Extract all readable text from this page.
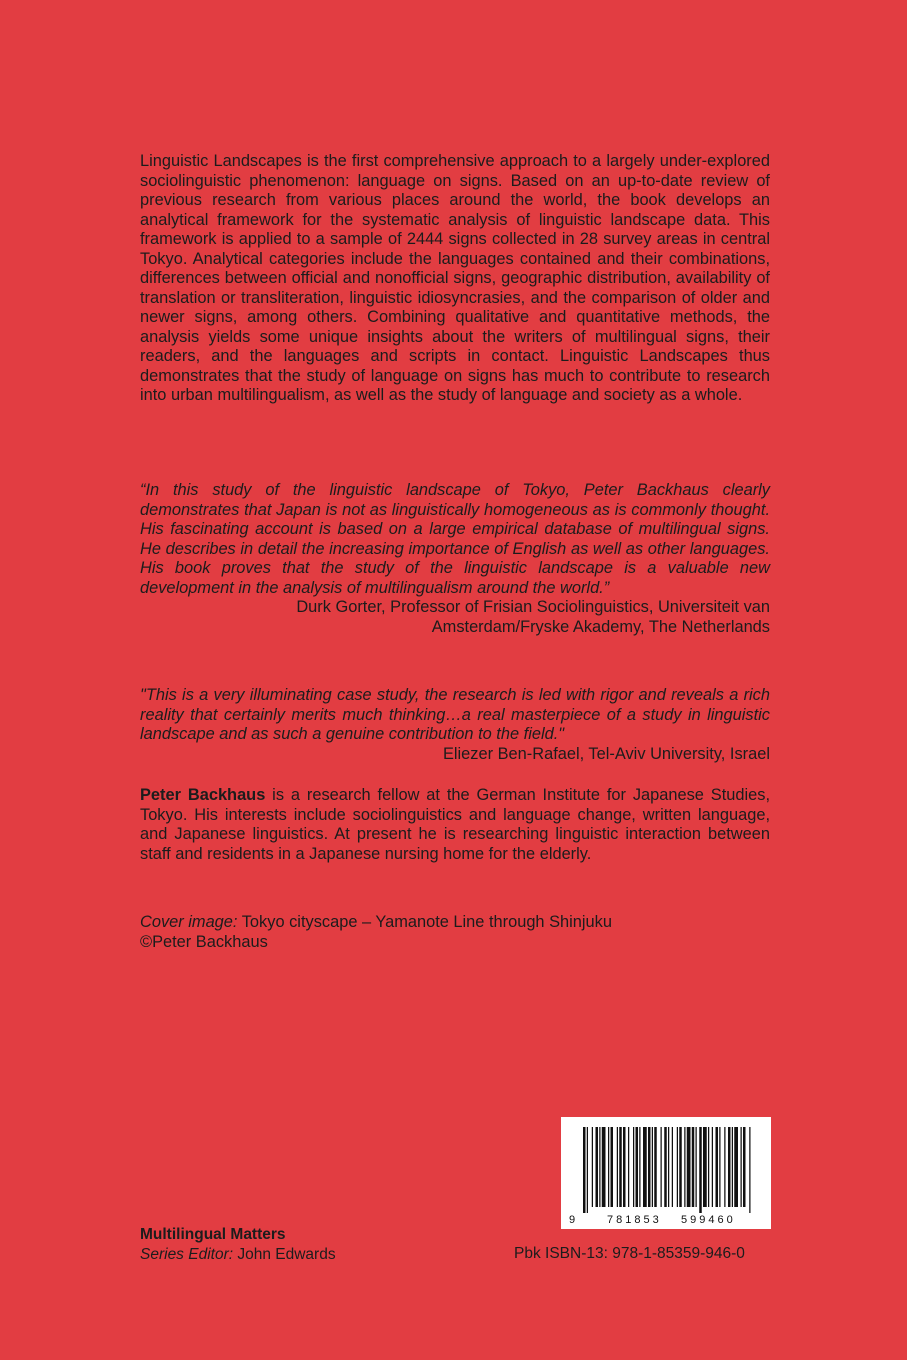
Linguistic Landscapes is the first comprehensive approach to a largely under-explored sociolinguistic phenomenon: language on signs. Based on an up-to-date review of previous research from various places around the world, the book develops an analytical framework for the systematic analysis of linguistic landscape data. This framework is applied to a sample of 2444 signs collected in 28 survey areas in central Tokyo. Analytical categories include the languages contained and their combinations, differences between official and nonofficial signs, geographic distribution, availability of translation or transliteration, linguistic idiosyncrasies, and the comparison of older and newer signs, among others. Combining qualitative and quantitative methods, the analysis yields some unique insights about the writers of multilingual signs, their readers, and the languages and scripts in contact. Linguistic Landscapes thus demonstrates that the study of language on signs has much to contribute to research into urban multilingualism, as well as the study of language and society as a whole.

“In this study of the linguistic landscape of Tokyo, Peter Backhaus clearly demonstrates that Japan is not as linguistically homogeneous as is commonly thought. His fascinating account is based on a large empirical database of multilingual signs. He describes in detail the increasing importance of English as well as other languages. His book proves that the study of the linguistic landscape is a valuable new development in the analysis of multilingualism around the world.”
Durk Gorter, Professor of Frisian Sociolinguistics, Universiteit van
Amsterdam/Fryske Akademy, The Netherlands
"This is a very illuminating case study, the research is led with rigor and reveals a rich reality that certainly merits much thinking…a real masterpiece of a study in linguistic landscape and as such a genuine contribution to the field."
Eliezer Ben-Rafael, Tel-Aviv University, Israel

Peter Backhaus is a research fellow at the German Institute for Japanese Studies, Tokyo. His interests include sociolinguistics and language change, written language, and Japanese linguistics. At present he is researching linguistic interaction between staff and residents in a Japanese nursing home for the elderly.

Cover image: Tokyo cityscape – Yamanote Line through Shinjuku
©Peter Backhaus
9	781853 599460
Multilingual Matters
Series Editor: John Edwards	Pbk ISBN-13: 978-1-85359-946-0
